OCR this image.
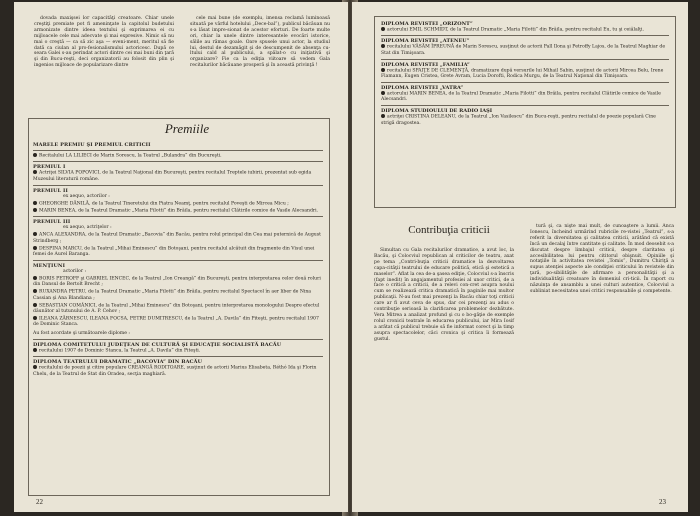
dovada maxişsei lor capacităţi creatoare. Chiar unele creştiţi premiate pot fi ameninţate la capitolul budetului armonizate dintre ideea textului şi exprimarea ei cu mijloacele cele mai adecvate şi mai expresive. Nimic să nu mai o creştă — ca să zic aşa — eveni-ment, meritul să fie dată ca ciulan al pro-fesionalismului actoricesc. După ce seara Galei s-au perindat actori dintre cei mai buni din ţară şi din Bucu-reşti, deci organizatorii au folosit din plin şi ingenios mijloace de popularizare dintre

cele mai bune (de exemplu, imensa reclamă luminoasă situată pe vârful hotelului „Dece-bal”), publicul băcăuan nu s-a lăsat impre-sionat de acestor eforturi. De foarte multe ori, chiar la unele dintre interesantele evocări istorice, sălile au rămas goale. Oare spusele unui actor, la studiul lui, destul de dezamăgit şi de descumpenit de absenţa cu-ltului cald al publicului, a spălat-o cu iniţiativă şi organizare? Fie ca la ediţia viitoare să vedem Gala recitalurilor băcăuane prosperă şi în această privinţă !

Premiile

MARELE PREMIU ŞI PREMIUL CRITICII

Recitalului LA LILIECI de Marin Sorescu, la Teatrul „Bulandra” din Bucureşti.

PREMIUL I

Actriţei SILVIA POPOVICI, de la Teatrul Naţional din Bucureşti, pentru recitalul Treptele iubirii, prezentat sub egida Muzeului literaturii române.

PREMIUL II

ex aequo, actorilor :

GHEORGHE DĂNILĂ, de la Teatrul Tineretului din Piatra Neamţ, pentru recitalul Poveşti de Mircea Micu ;

MARIN BENEA, de la Teatrul Dramatic „Maria Filotti” din Brăila, pentru recitalul Clătirile comice de Vasile Alecsandri.

PREMIUL III

ex aequo, actriţelor :

ANCA ALEXANDRA, de la Teatrul Dramatic „Bacovia” din Bacău, pentru rolul principal din Cea mai puternică de August Strindberg ;

DESPINA MARCU, de la Teatrul „Mihai Eminescu” din Botoşani, pentru recitalul alcătuit din fragmente din Visul unei femei de Aurel Baranga.

MENŢIUNI

actorilor :

BORIS PETROFF şi GABRIEL IENCEC, de la Teatrul „Ion Creangă” din Bucureşti, pentru interpretarea celor două roluri din Dansul de Bertolt Brecht ;

RUXANDRA PETRU, de la Teatrul Dramatic „Maria Filotti” din Brăila, pentru recitalul Spectacol în aer liber de Nina Cassian şi Ana Blandiana ;

SEBASTIAN COMÂNICI, de la Teatrul „Mihai Eminescu” din Botoşani, pentru interpretarea monologului Despre efectul dăunător al tutunului de A. P. Cehov ;

ILEANA ZĂRNESCU, ILEANA FOCSA, PETRE DUMITRESCU, de la Teatrul „A. Davila” din Piteşti, pentru recitalul 1907 de Dominic Stanca.

Au fost acordate şi următoarele diplome :

DIPLOMA COMITETULUI JUDEŢEAN DE CULTURĂ ŞI EDUCAŢIE SOCIALISTĂ BACĂU

recitalului 1907 de Dominic Stanca, la Teatrul „A. Davila” din Piteşti.

DIPLOMA TEATRULUI DRAMATIC „BACOVIA” DIN BACĂU

recitalului de poezii şi citire populare CREANGĂ RODITOARE, susţinut de actorii Marius Elisabeta, Réthó Ida şi Florin Chelu, de la Teatrul de Stat din Oradea, secţia maghiară.

22

DIPLOMA REVISTEI „ORIZONT”

actorului EMIL SCHMIDT, de la Teatrul Dramatic „Maria Filotti” din Brăila, pentru recitalul Eu, tu şi ceiălalţi.

DIPLOMA REVISTEI „ATENEU”

recitalului VÂSĂM ÎPREUNĂ de Marin Sorescu, susţinut de actorii Pall Ilona şi Petroffy Lajos, de la Teatrul Maghiar de Stat din Timişoara.

DIPLOMA REVISTEI „FAMILIA”

recitalului SPAIŢE DE CLEMENŢĂ, dramatizare după versurile lui Mihail Sabin, susţinut de actorii Mircea Belu, Irene Flamann, Eugen Cristea, Grete Avram, Lucia Dorofti, Rodica Murgu, de la Teatrul Naţional din Timişoara.

DIPLOMA REVISTEI „VATRA”

actorului MARIN BENEA, de la Teatrul Dramatic „Maria Filotti” din Brăila, pentru recitalul Clătirile comice de Vasile Alecsandri.

DIPLOMA STUDIOULUI DE RADIO IAŞI

actriţei CRISTINA DELEANU, de la Teatrul „Ion Vasilescu” din Bucu-reşti, pentru recitalul de poezie populară Cine strigă dragostea.

Contribuţia criticii

Simultan cu Gala recitalurilor dramatice, a avut loc, la Bacău, şi Colocviul republican al criticilor de teatru, axat pe tema „Contri-buţia criticii dramatice la dezvoltarea capa-cităţii teatrului de educare politică, etică şi estetică a maselor”. Aflat la cea de-a şasea ediţie, Colocviul s-a înscris (fapt inedit) în angajamentul profesiei al unor critici, de a face o critică a criticii, de a relevi con-cret asupra noului cum se realizează critica dramatică în paginile mai multor publicaţii. N-au fost mai prezenţi la Bacău chiar toţi criticii care ar fi avut ceva de spus, dar cei prezenţi au adus o contribuţie serioasă la clarificarea problemelor dezbătute. Vera Mitrea a analizat profund şi cu o bo-găţie de exemple rolul cronicii teatrale în educarea publicului, iar Mira Iosif a arătat că publicul trebuie să fie informat corect şi la timp asupra spectacolelor, căci cronica şi critica îi formează gustul.

tură şi, ca nişte mai mult, de cunoaştere a lumii. Anca Ionescu, încheind urmărind rubricile re-vistei „Teatrul”, s-a referit la diversitatea şi calitatea criticii, arătând că există încă un decalaj între cantitate şi calitate. În mod deosebit s-a discutat despre limbajul criticii, despre claritatea şi accesibilitatea lui pentru cititorul obişnuit. Opiniile şi notaţiile în activitatea revistei „Tomis”, Dumitru Chiriţă a supus atenţiei aspecte ale condiţiei criticului în revistele din ţară, po-sibilităţile de afirmare a personalităţii şi a individualităţii creatoare în domeniul cri-ticii. În raport cu năzuinţa de ansamblu a unei culturi autentice, Colocviul a subliniat necesitatea unei critici responsabile şi competente.

23
